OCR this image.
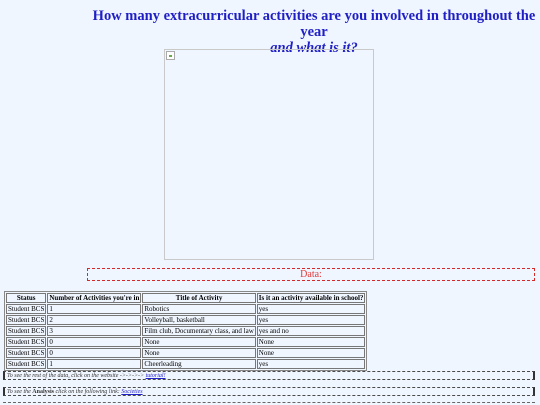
How many extracurricular activities are you involved in throughout the year
and what is it?
Data:
Status	Number of Activities you're in	Title of Activity	Is it an activity available in school?
Student BCS	1	Robotics	yes
Student BCS	2	Volleyball, basketball	yes
Student BCS	3	Film club, Documentary class, and law	yes and no
Student BCS	0	None	None
Student BCS	0	None	None
Student BCS	1	Cheerleading	yes
To see the rest of the data, click on the website ->->->-> tutorial!
To see the Analysis click on the following link: Societies
